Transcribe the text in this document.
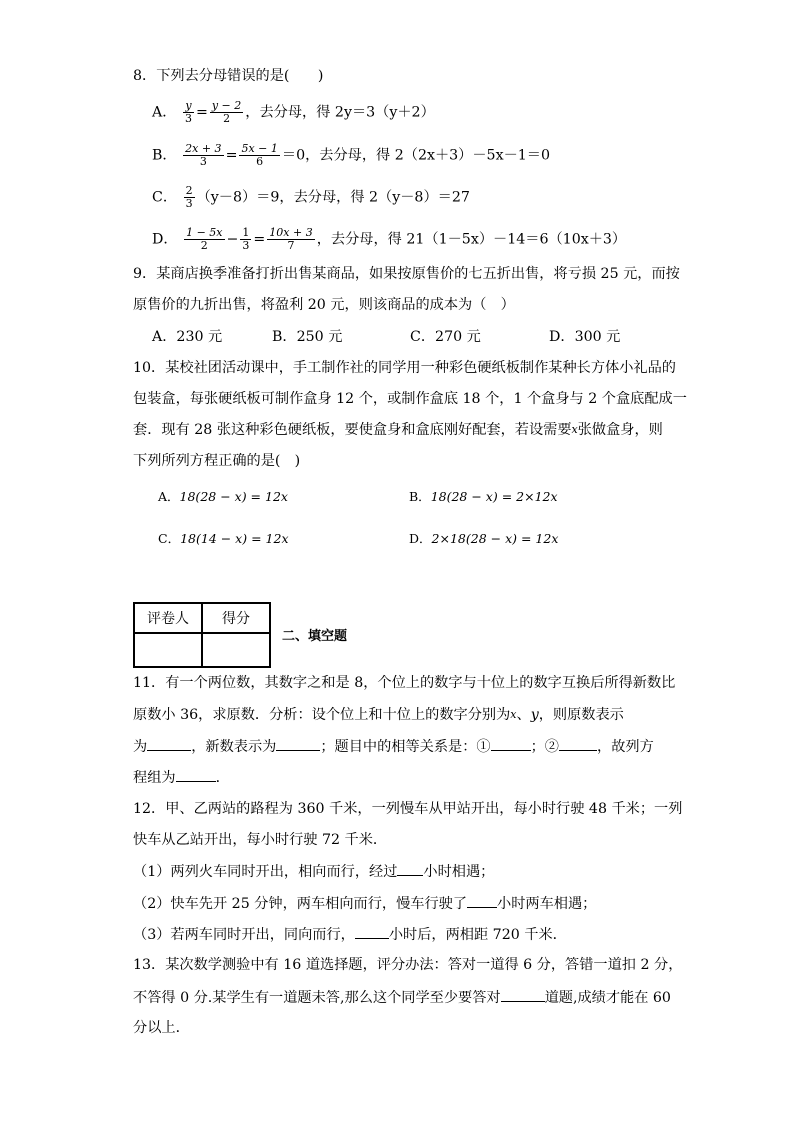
8．下列去分母错误的是(　　)
A． $\frac{y}{3} = \frac{y - 2}{2}$ ，去分母，得 2y＝3（y＋2）
B． $\frac{2x + 3}{3} = \frac{5x - 1}{6} =0$，去分母，得 2（2x＋3）－5x－1＝0
C． $\frac{2}{3} (y-8)=9$，去分母，得 2（y－8）＝27
D． $\frac{1 - 5x}{2} - \frac{1}{3} = \frac{10x + 3}{7}$ ，去分母，得 21（1－5x）－14＝6（10x＋3）
9．某商店换季准备打折出售某商品，如果按原售价的七五折出售，将亏损 25 元，而按
原售价的九折出售，将盈利 20 元，则该商品的成本为（　）
A．230 元	B．250 元	C．270 元	D．300 元
10．某校社团活动课中，手工制作社的同学用一种彩色硬纸板制作某种长方体小礼品的
包装盒，每张硬纸板可制作盒身 12 个，或制作盒底 18 个，1 个盒身与 2 个盒底配成一
套．现有 28 张这种彩色硬纸板，要使盒身和盒底刚好配套，若设需要$^x$张做盒身，则
下列所列方程正确的是(　)
A．18(28 − x) = 12x	B．18(28 − x) = 2×12x
C．18(14 − x) = 12x	D．2×18(28 − x) = 12x
评卷人	得分

二、填空题
11．有一个两位数，其数字之和是 8，个位上的数字与十位上的数字互换后所得新数比
原数小 36，求原数．分析：设个位上和十位上的数字分别为$^x$、y，则原数表示
为	，新数表示为	；题目中的相等关系是：①	；②	，故列方
程组为	．
12．甲、乙两站的路程为 360 千米，一列慢车从甲站开出，每小时行驶 48 千米；一列
快车从乙站开出，每小时行驶 72 千米．
（1）两列火车同时开出，相向而行，经过 小时相遇；
（2）快车先开 25 分钟，两车相向而行，慢车行驶了 小时两车相遇；
（3）若两车同时开出，同向而行， 小时后，两相距 720 千米．
13．某次数学测验中有 16 道选择题，评分办法：答对一道得 6 分，答错一道扣 2 分，
不答得 0 分.某学生有一道题未答,那么这个同学至少要答对	道题,成绩才能在 60
分以上．
